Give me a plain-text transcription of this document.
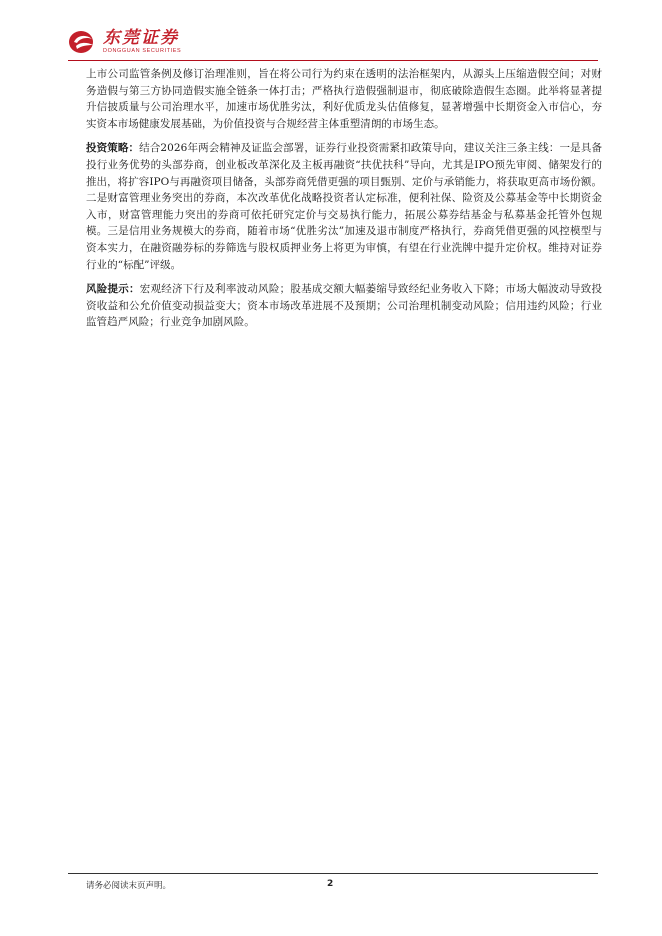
东莞证券
DONGGUAN SECURITIES

上市公司监管条例及修订治理准则，旨在将公司行为约束在透明的法治框架内，从源头上压缩造假空间；对财务造假与第三方协同造假实施全链条一体打击；严格执行造假强制退市，彻底破除造假生态圈。此举将显著提升信披质量与公司治理水平，加速市场优胜劣汰，利好优质龙头估值修复，显著增强中长期资金入市信心，夯实资本市场健康发展基础，为价值投资与合规经营主体重塑清朗的市场生态。

投资策略：结合2026年两会精神及证监会部署，证券行业投资需紧扣政策导向，建议关注三条主线：一是具备投行业务优势的头部券商，创业板改革深化及主板再融资“扶优扶科”导向，尤其是IPO预先审阅、储架发行的推出，将扩容IPO与再融资项目储备，头部券商凭借更强的项目甄别、定价与承销能力，将获取更高市场份额。二是财富管理业务突出的券商，本次改革优化战略投资者认定标准，便利社保、险资及公募基金等中长期资金入市，财富管理能力突出的券商可依托研究定价与交易执行能力，拓展公募券结基金与私募基金托管外包规模。三是信用业务规模大的券商，随着市场“优胜劣汰”加速及退市制度严格执行，券商凭借更强的风控模型与资本实力，在融资融券标的券筛选与股权质押业务上将更为审慎，有望在行业洗牌中提升定价权。维持对证券行业的“标配”评级。

风险提示：宏观经济下行及利率波动风险；股基成交额大幅萎缩导致经纪业务收入下降；市场大幅波动导致投资收益和公允价值变动损益变大；资本市场改革进展不及预期；公司治理机制变动风险；信用违约风险；行业监管趋严风险；行业竞争加剧风险。

请务必阅读末页声明。	2
